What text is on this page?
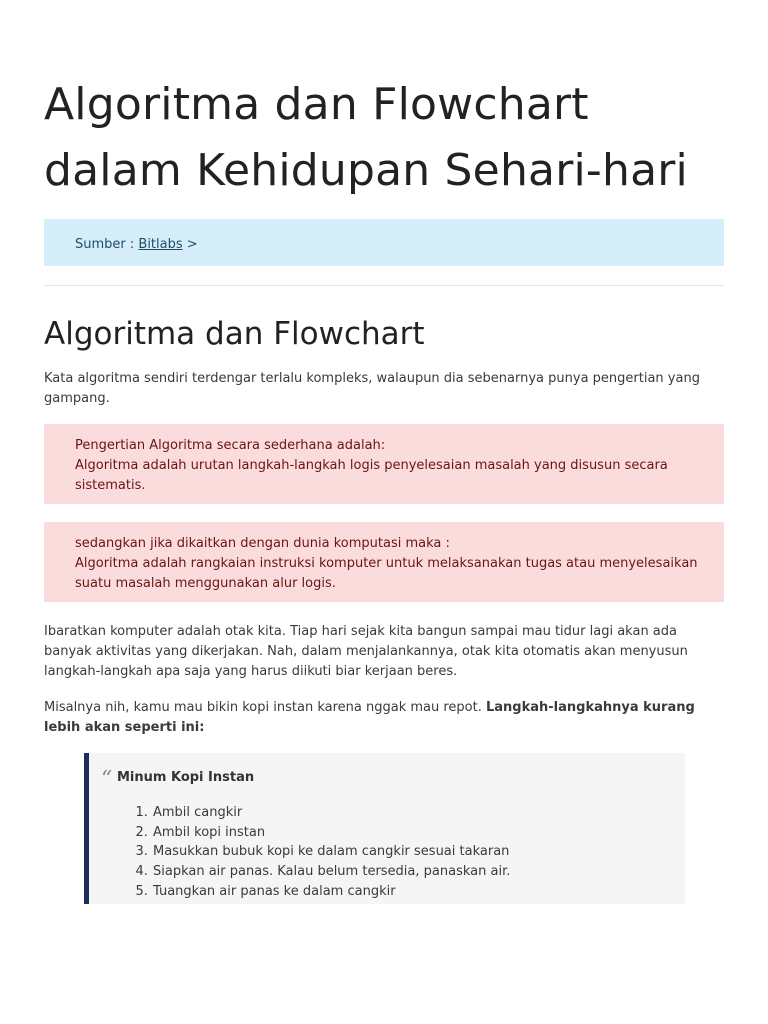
Algoritma dan Flowchart dalam Kehidupan Sehari-hari
Sumber : Bitlabs >
Algoritma dan Flowchart

Kata algoritma sendiri terdengar terlalu kompleks, walaupun dia sebenarnya punya pengertian yang gampang.

Pengertian Algoritma secara sederhana adalah:
Algoritma adalah urutan langkah-langkah logis penyelesaian masalah yang disusun secara sistematis.
sedangkan jika dikaitkan dengan dunia komputasi maka :
Algoritma adalah rangkaian instruksi komputer untuk melaksanakan tugas atau menyelesaikan suatu masalah menggunakan alur logis.

Ibaratkan komputer adalah otak kita. Tiap hari sejak kita bangun sampai mau tidur lagi akan ada banyak aktivitas yang dikerjakan. Nah, dalam menjalankannya, otak kita otomatis akan menyusun langkah-langkah apa saja yang harus diikuti biar kerjaan beres.

Misalnya nih, kamu mau bikin kopi instan karena nggak mau repot. Langkah-langkahnya kurang lebih akan seperti ini:

“ Minum Kopi Instan
1. Ambil cangkir
2. Ambil kopi instan
3. Masukkan bubuk kopi ke dalam cangkir sesuai takaran
4. Siapkan air panas. Kalau belum tersedia, panaskan air.
5. Tuangkan air panas ke dalam cangkir
